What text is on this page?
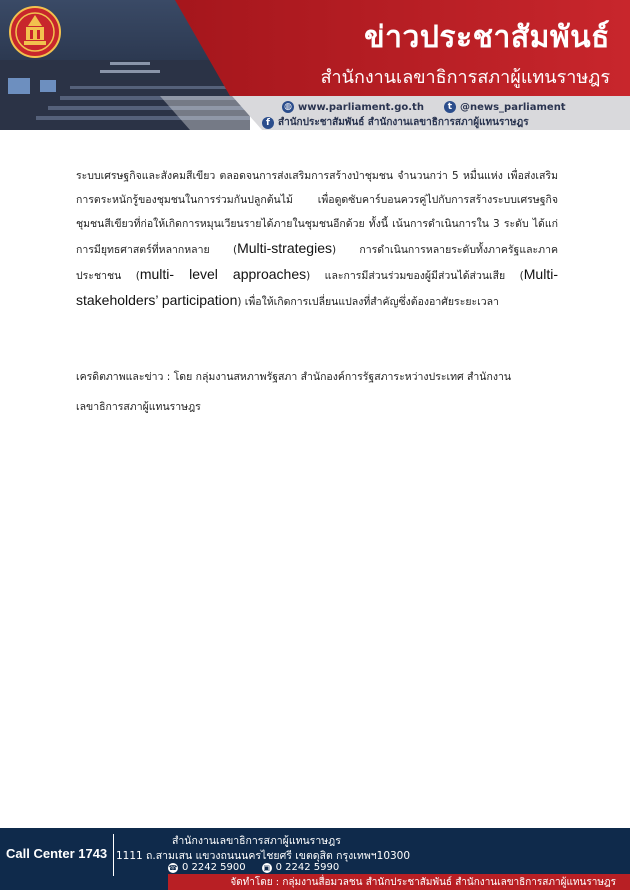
ข่าวประชาสัมพันธ์
สำนักงานเลขาธิการสภาผู้แทนราษฎร
◍ www.parliament.go.th	t @news_parliament
f สำนักประชาสัมพันธ์ สำนักงานเลขาธิการสภาผู้แทนราษฎร

ระบบเศรษฐกิจและสังคมสีเขียว ตลอดจนการส่งเสริมการสร้างป่าชุมชน จำนวนกว่า 5 หมื่นแห่ง เพื่อส่งเสริมการตระหนักรู้ของชุมชนในการร่วมกันปลูกต้นไม้ เพื่อดูดซับคาร์บอนควรคู่ไปกับการสร้างระบบเศรษฐกิจชุมชนสีเขียวที่ก่อให้เกิดการหมุนเวียนรายได้ภายในชุมชนอีกด้วย ทั้งนี้ เน้นการดำเนินการใน 3 ระดับ ได้แก่ การมียุทธศาสตร์ที่หลากหลาย (Multi-strategies) การดำเนินการหลายระดับทั้งภาครัฐและภาคประชาชน (multi- level approaches) และการมีส่วนร่วมของผู้มีส่วนได้ส่วนเสีย (Multi-stakeholders’ participation) เพื่อให้เกิดการเปลี่ยนแปลงที่สำคัญซึ่งต้องอาศัยระยะเวลา

เครดิตภาพและข่าว : โดย กลุ่มงานสหภาพรัฐสภา สำนักองค์การรัฐสภาระหว่างประเทศ สำนักงานเลขาธิการสภาผู้แทนราษฎร
Call Center 1743
สำนักงานเลขาธิการสภาผู้แทนราษฎร
1111 ถ.สามเสน แขวงถนนนครไชยศรี เขตดุสิต กรุงเทพฯ10300
☎ 0 2242 5900	▣ 0 2242 5990
จัดทำโดย : กลุ่มงานสื่อมวลชน สำนักประชาสัมพันธ์ สำนักงานเลขาธิการสภาผู้แทนราษฎร
